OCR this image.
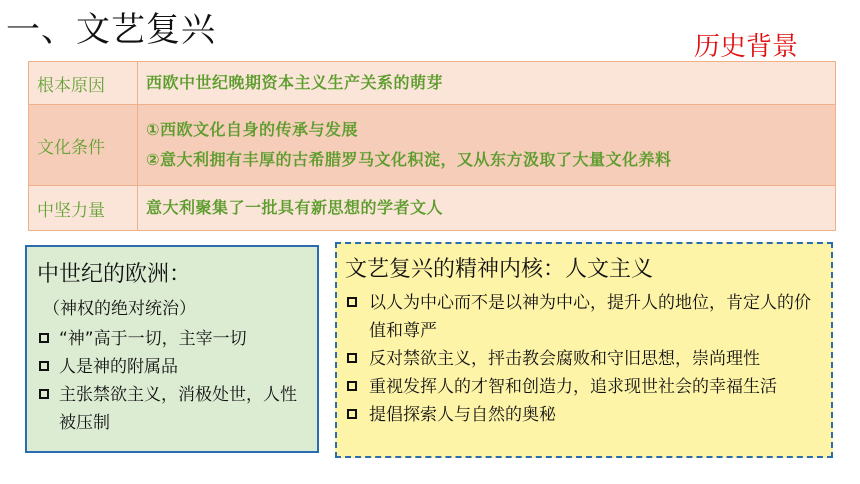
一、文艺复兴	历史背景
根本原因	西欧中世纪晚期资本主义生产关系的萌芽

文化条件	①西欧文化自身的传承与发展
②意大利拥有丰厚的古希腊罗马文化积淀，又从东方汲取了大量文化养料

中坚力量	意大利聚集了一批具有新思想的学者文人
中世纪的欧洲：
（神权的绝对统治）
“神”高于一切，主宰一切
人是神的附属品
主张禁欲主义，消极处世，人性被压制
文艺复兴的精神内核：人文主义
以人为中心而不是以神为中心，提升人的地位，肯定人的价值和尊严
反对禁欲主义，抨击教会腐败和守旧思想，崇尚理性
重视发挥人的才智和创造力，追求现世社会的幸福生活
提倡探索人与自然的奥秘
